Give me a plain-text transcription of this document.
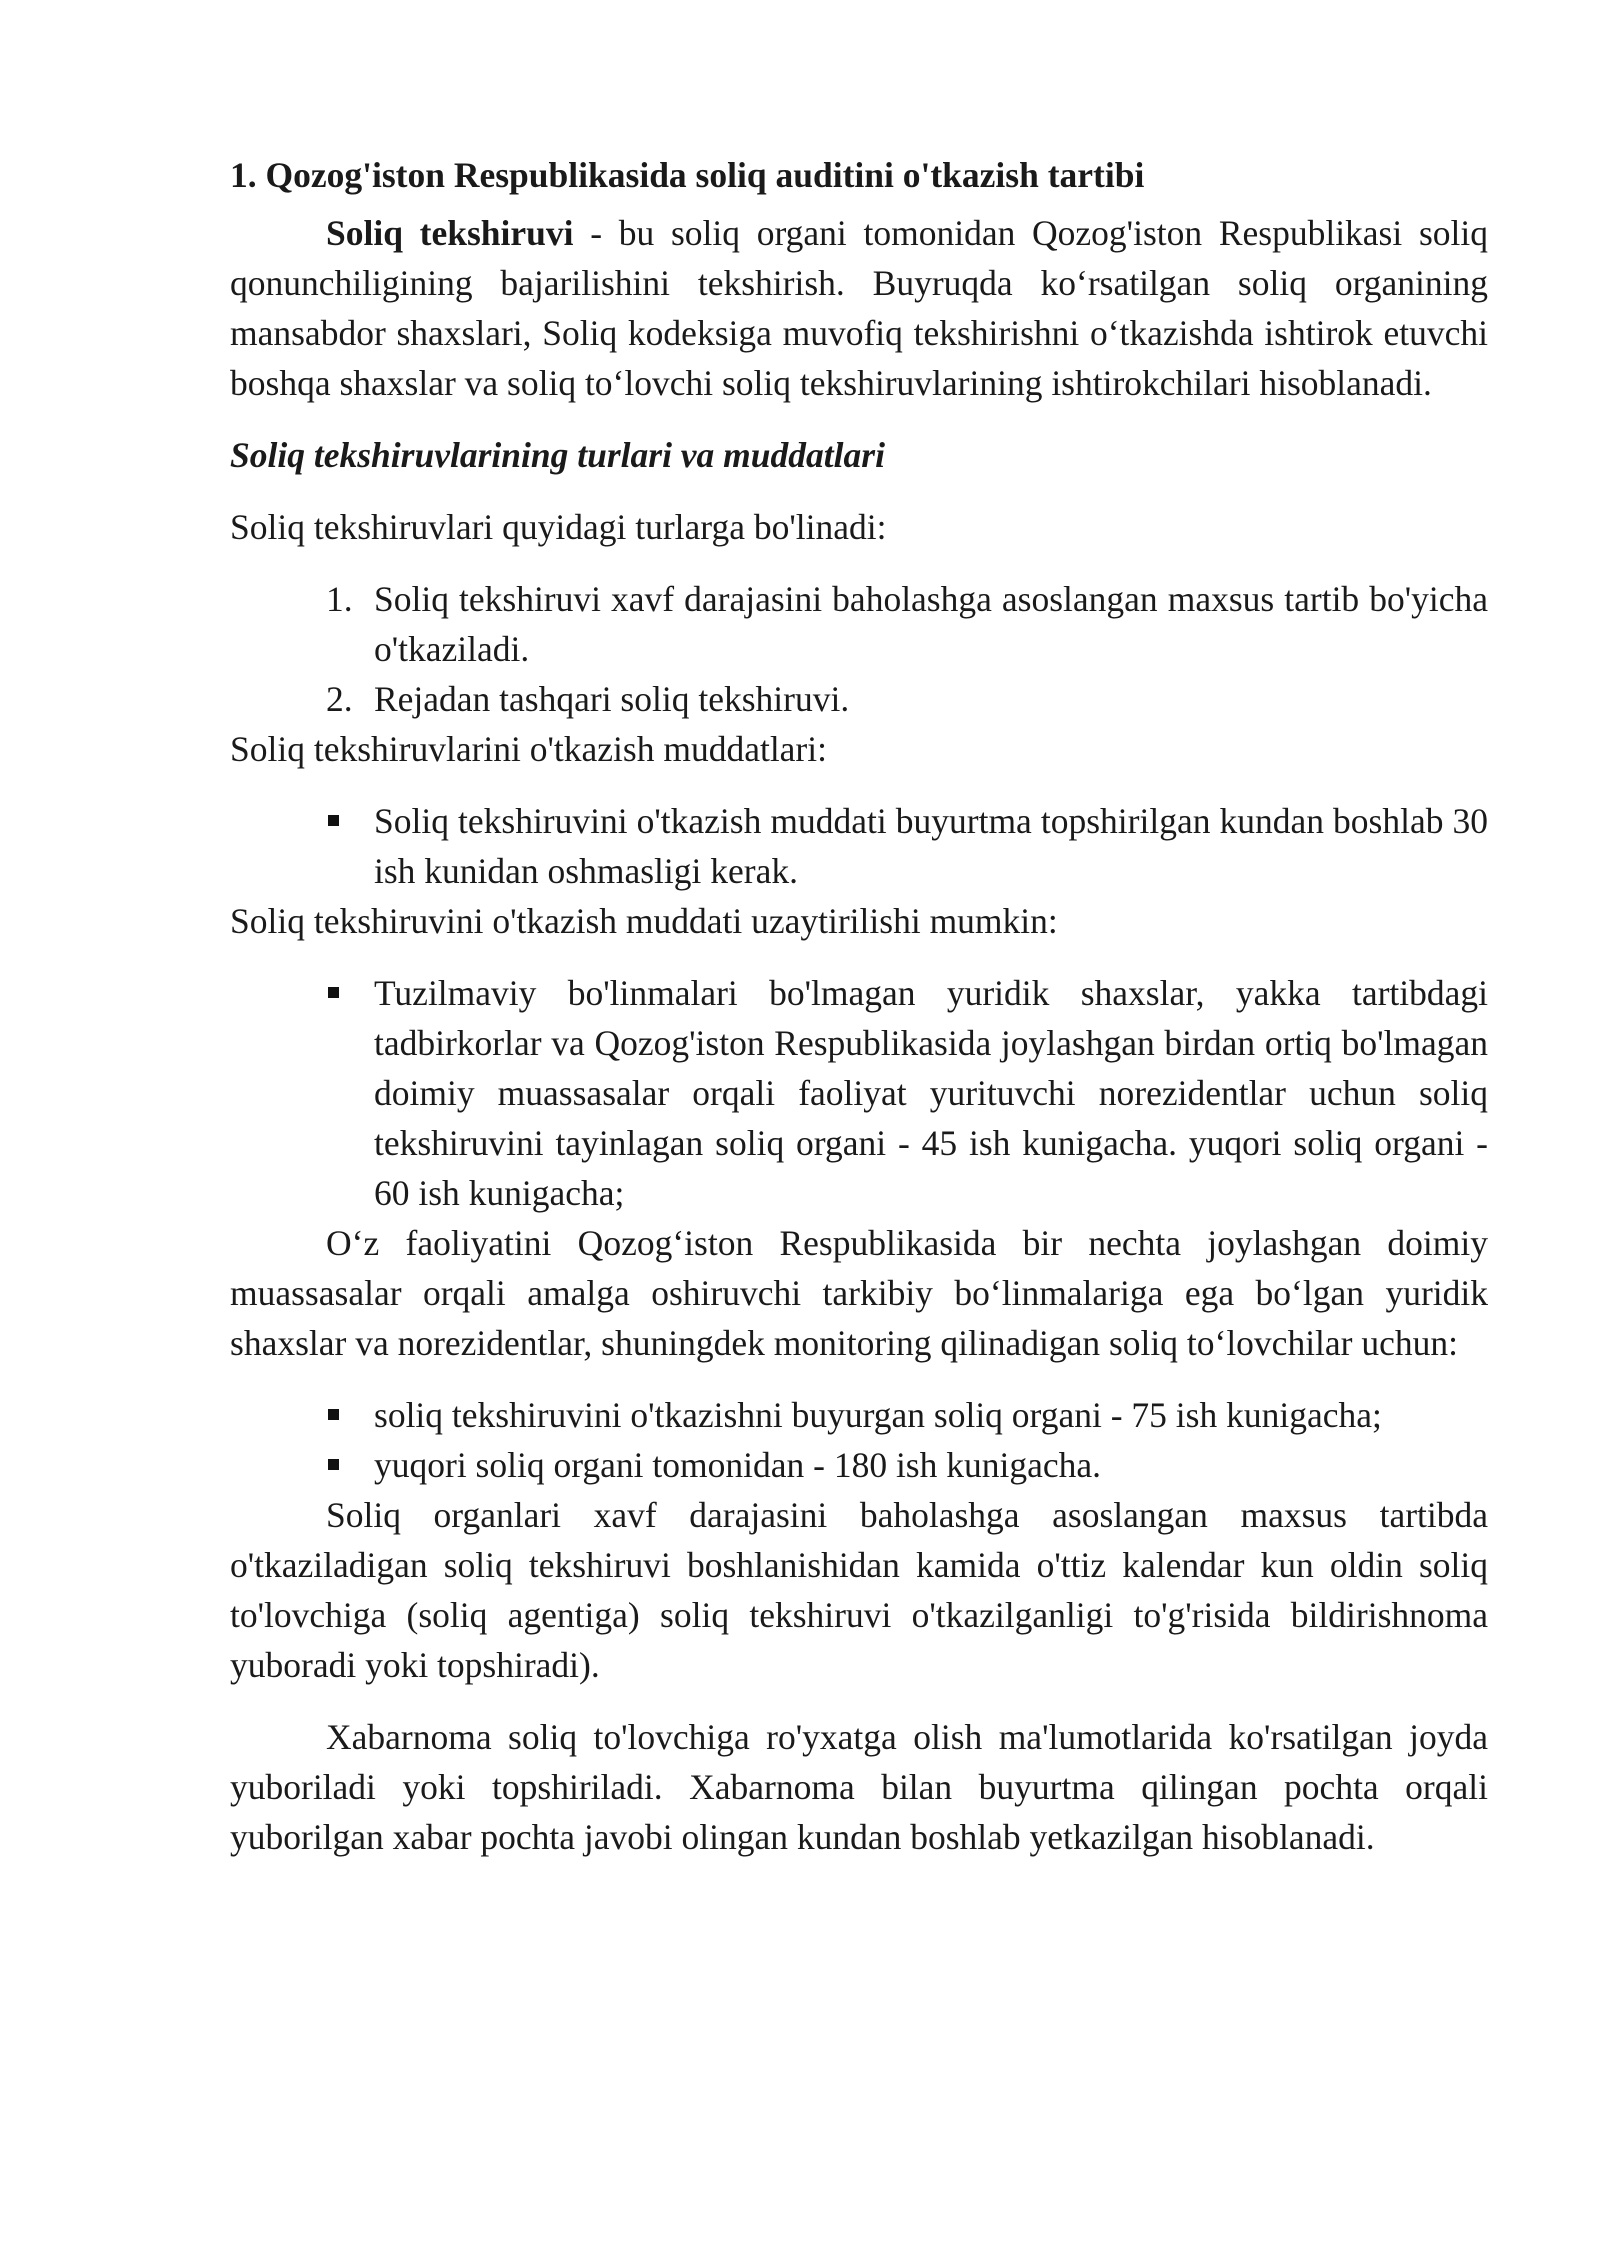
1. Qozog'iston Respublikasida soliq auditini o'tkazish tartibi

Soliq tekshiruvi - bu soliq organi tomonidan Qozog'iston Respublikasi soliq qonunchiligining bajarilishini tekshirish. Buyruqda koʻrsatilgan soliq organining mansabdor shaxslari, Soliq kodeksiga muvofiq tekshirishni oʻtkazishda ishtirok etuvchi boshqa shaxslar va soliq toʻlovchi soliq tekshiruvlarining ishtirokchilari hisoblanadi.

Soliq tekshiruvlarining turlari va muddatlari

Soliq tekshiruvlari quyidagi turlarga bo'linadi:

1. Soliq tekshiruvi xavf darajasini baholashga asoslangan maxsus tartib bo'yicha o'tkaziladi.
2. Rejadan tashqari soliq tekshiruvi.

Soliq tekshiruvlarini o'tkazish muddatlari:

Soliq tekshiruvini o'tkazish muddati buyurtma topshirilgan kundan boshlab 30 ish kunidan oshmasligi kerak.

Soliq tekshiruvini o'tkazish muddati uzaytirilishi mumkin:

Tuzilmaviy bo'linmalari bo'lmagan yuridik shaxslar, yakka tartibdagi tadbirkorlar va Qozog'iston Respublikasida joylashgan birdan ortiq bo'lmagan doimiy muassasalar orqali faoliyat yurituvchi norezidentlar uchun soliq tekshiruvini tayinlagan soliq organi - 45 ish kunigacha. yuqori soliq organi - 60 ish kunigacha;

Oʻz faoliyatini Qozogʻiston Respublikasida bir nechta joylashgan doimiy muassasalar orqali amalga oshiruvchi tarkibiy boʻlinmalariga ega boʻlgan yuridik shaxslar va norezidentlar, shuningdek monitoring qilinadigan soliq toʻlovchilar uchun:

soliq tekshiruvini o'tkazishni buyurgan soliq organi - 75 ish kunigacha;
yuqori soliq organi tomonidan - 180 ish kunigacha.

Soliq organlari xavf darajasini baholashga asoslangan maxsus tartibda o'tkaziladigan soliq tekshiruvi boshlanishidan kamida o'ttiz kalendar kun oldin soliq to'lovchiga (soliq agentiga) soliq tekshiruvi o'tkazilganligi to'g'risida bildirishnoma yuboradi yoki topshiradi).

Xabarnoma soliq to'lovchiga ro'yxatga olish ma'lumotlarida ko'rsatilgan joyda yuboriladi yoki topshiriladi. Xabarnoma bilan buyurtma qilingan pochta orqali yuborilgan xabar pochta javobi olingan kundan boshlab yetkazilgan hisoblanadi.
